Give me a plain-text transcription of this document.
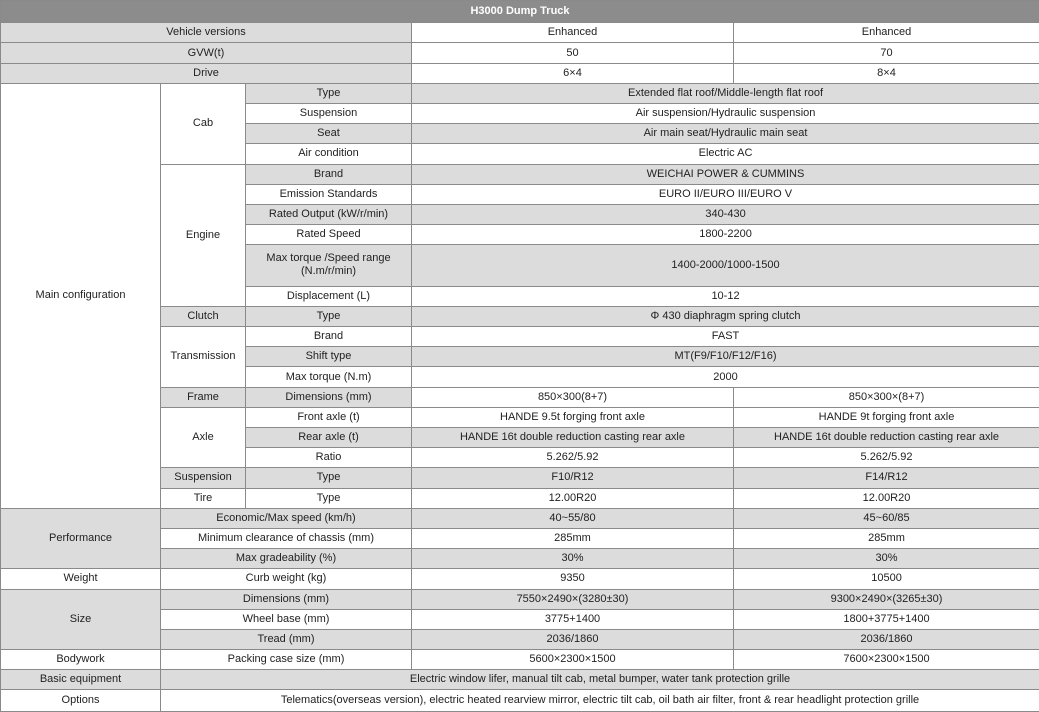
H3000 Dump Truck				
Vehicle versions			Enhanced	Enhanced
GVW(t)			50	70
Drive			6×4	8×4
Main configuration	Cab	Type	Extended flat roof/Middle-length flat roof	
		Suspension	Air suspension/Hydraulic suspension	
		Seat	Air main seat/Hydraulic main seat	
		Air condition	Electric AC	
	Engine	Brand	WEICHAI POWER & CUMMINS	
		Emission Standards	EURO II/EURO III/EURO V	
		Rated Output (kW/r/min)	340-430	
		Rated Speed	1800-2200	
		Max torque /Speed range (N.m/r/min)	1400-2000/1000-1500	
		Displacement (L)	10-12	
	Clutch	Type	Φ 430 diaphragm spring clutch	
	Transmission	Brand	FAST	
		Shift type	MT(F9/F10/F12/F16)	
		Max torque (N.m)	2000	
	Frame	Dimensions (mm)	850×300(8+7)	850×300×(8+7)
	Axle	Front axle (t)	HANDE 9.5t forging front axle	HANDE 9t forging front axle
		Rear axle (t)	HANDE 16t double reduction casting rear axle	HANDE 16t double reduction casting rear axle
		Ratio	5.262/5.92	5.262/5.92
	Suspension	Type	F10/R12	F14/R12
	Tire	Type	12.00R20	12.00R20
Performance	Economic/Max speed (km/h)		40~55/80	45~60/85
	Minimum clearance of chassis (mm)		285mm	285mm
	Max gradeability (%)		30%	30%
Weight	Curb weight (kg)		9350	10500
Size	Dimensions (mm)		7550×2490×(3280±30)	9300×2490×(3265±30)
	Wheel base (mm)		3775+1400	1800+3775+1400
	Tread (mm)		2036/1860	2036/1860
Bodywork	Packing case size (mm)		5600×2300×1500	7600×2300×1500
Basic equipment	Electric window lifer, manual tilt cab, metal bumper, water tank protection grille			
Options	Telematics(overseas version), electric heated rearview mirror, electric tilt cab, oil bath air filter, front & rear headlight protection grille			
